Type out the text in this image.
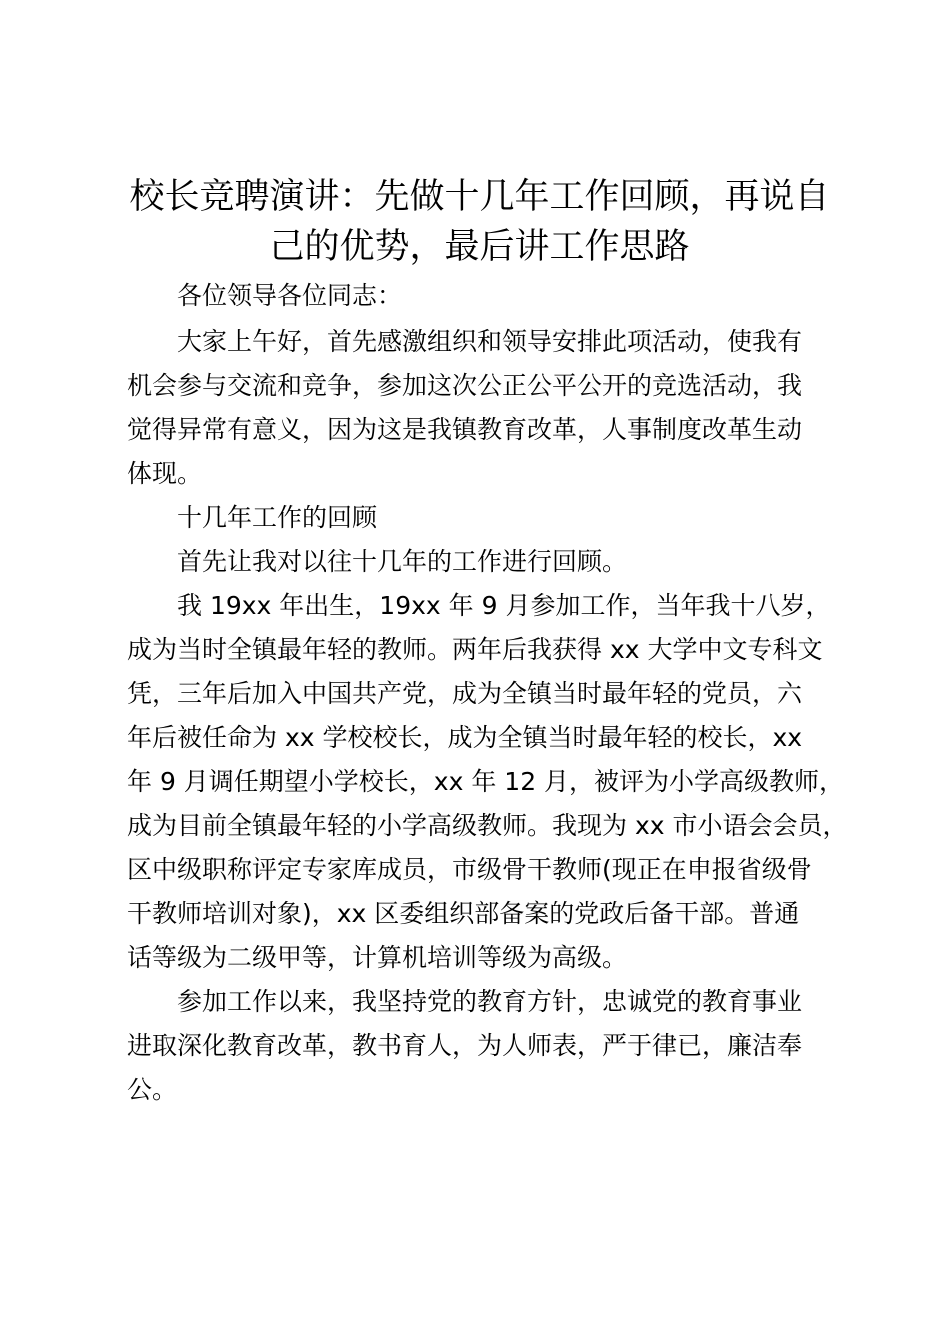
校长竞聘演讲：先做十几年工作回顾，再说自
己的优势，最后讲工作思路
各位领导各位同志：
大家上午好，首先感激组织和领导安排此项活动，使我有
机会参与交流和竞争，参加这次公正公平公开的竞选活动，我
觉得异常有意义，因为这是我镇教育改革，人事制度改革生动
体现。
十几年工作的回顾
首先让我对以往十几年的工作进行回顾。
我 19xx 年出生，19xx 年 9 月参加工作，当年我十八岁，
成为当时全镇最年轻的教师。两年后我获得 xx 大学中文专科文
凭，三年后加入中国共产党，成为全镇当时最年轻的党员，六
年后被任命为 xx 学校校长，成为全镇当时最年轻的校长，xx
年 9 月调任期望小学校长，xx 年 12 月，被评为小学高级教师，
成为目前全镇最年轻的小学高级教师。我现为 xx 市小语会会员，
区中级职称评定专家库成员，市级骨干教师(现正在申报省级骨
干教师培训对象)，xx 区委组织部备案的党政后备干部。普通
话等级为二级甲等，计算机培训等级为高级。
参加工作以来，我坚持党的教育方针，忠诚党的教育事业
进取深化教育改革，教书育人，为人师表，严于律已，廉洁奉
公。
